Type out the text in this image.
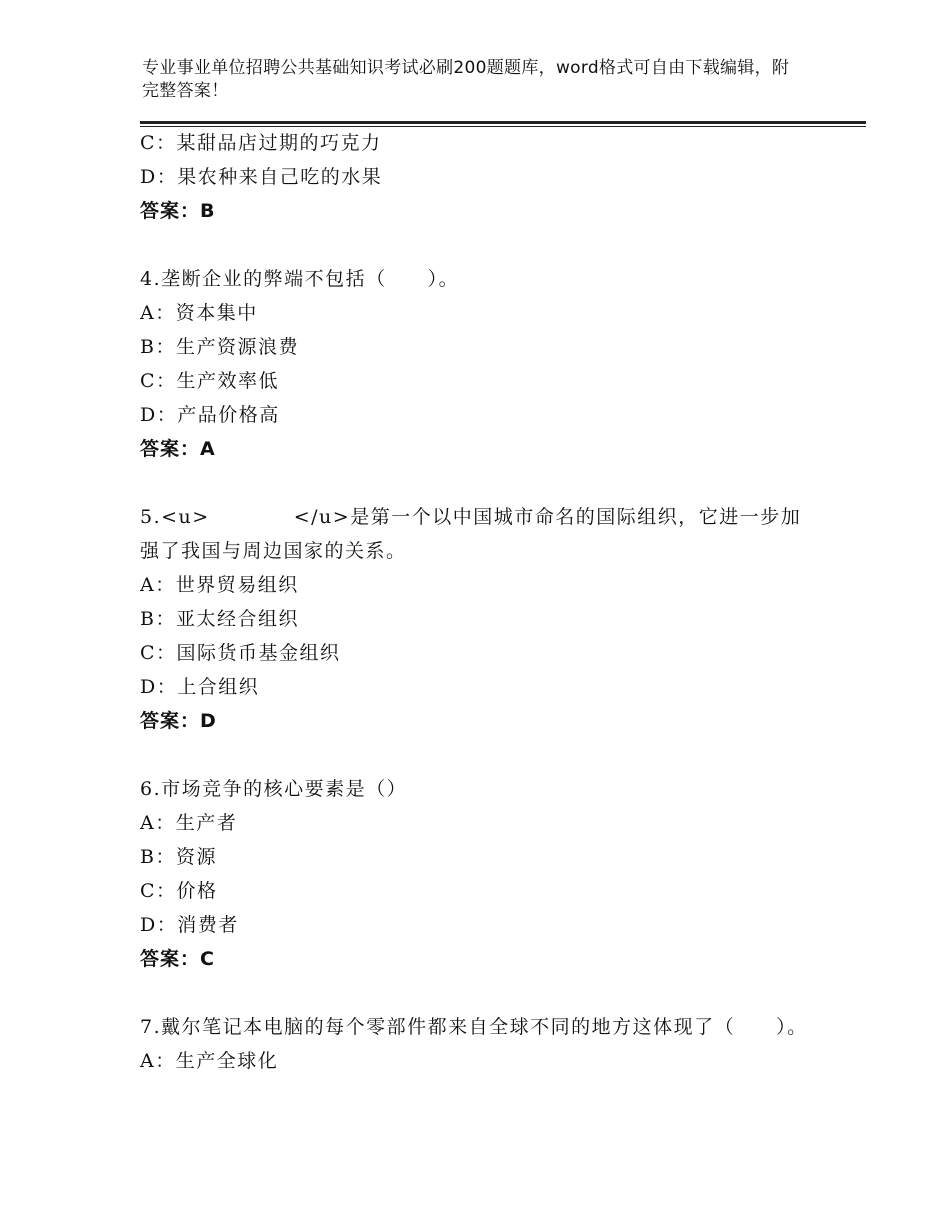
专业事业单位招聘公共基础知识考试必刷200题题库，word格式可自由下载编辑，附完整答案！
C：某甜品店过期的巧克力
D：果农种来自己吃的水果
答案：B
4.垄断企业的弊端不包括（　　）。
A：资本集中
B：生产资源浪费
C：生产效率低
D：产品价格高
答案：A
5.<u>	</u>是第一个以中国城市命名的国际组织，它进一步加强了我国与周边国家的关系。
A：世界贸易组织
B：亚太经合组织
C：国际货币基金组织
D：上合组织
答案：D
6.市场竞争的核心要素是（）
A：生产者
B：资源
C：价格
D：消费者
答案：C
7.戴尔笔记本电脑的每个零部件都来自全球不同的地方这体现了（　　）。
A：生产全球化
